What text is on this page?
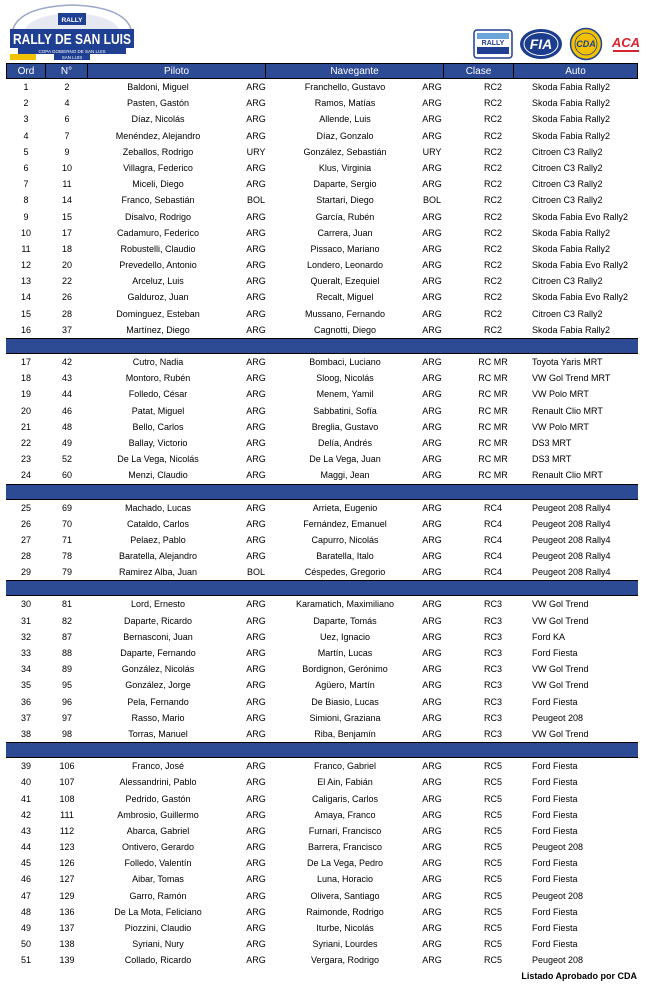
RALLY
RALLY DE SAN LUIS
COPA GOBIERNO DE SAN LUIS
SAN LUIS
RALLY FIA	CDA ACA
Ord	N°	Piloto	Navegante	Clase	Auto
1	2	Baldoni, Miguel	ARG	Franchello, Gustavo	ARG	RC2	Skoda Fabia Rally2
2	4	Pasten, Gastón	ARG	Ramos, Matías	ARG	RC2	Skoda Fabia Rally2
3	6	Díaz, Nicolás	ARG	Allende, Luis	ARG	RC2	Skoda Fabia Rally2
4	7	Menéndez, Alejandro	ARG	Díaz, Gonzalo	ARG	RC2	Skoda Fabia Rally2
5	9	Zeballos, Rodrigo	URY	González, Sebastián	URY	RC2	Citroen C3 Rally2
6	10	Villagra, Federico	ARG	Klus, Virginia	ARG	RC2	Citroen C3 Rally2
7	11	Miceli, Diego	ARG	Daparte, Sergio	ARG	RC2	Citroen C3 Rally2
8	14	Franco, Sebastián	BOL	Startari, Diego	BOL	RC2	Citroen C3 Rally2
9	15	Disalvo, Rodrigo	ARG	García, Rubén	ARG	RC2	Skoda Fabia Evo Rally2
10	17	Cadamuro, Federico	ARG	Carrera, Juan	ARG	RC2	Skoda Fabia Rally2
11	18	Robustelli, Claudio	ARG	Pissaco, Mariano	ARG	RC2	Skoda Fabia Rally2
12	20	Prevedello, Antonio	ARG	Londero, Leonardo	ARG	RC2	Skoda Fabia Evo Rally2
13	22	Arceluz, Luis	ARG	Queralt, Ezequiel	ARG	RC2	Citroen C3 Rally2
14	26	Galduroz, Juan	ARG	Recalt, Miguel	ARG	RC2	Skoda Fabia Evo Rally2
15	28	Dominguez, Esteban	ARG	Mussano, Fernando	ARG	RC2	Citroen C3 Rally2
16	37	Martínez, Diego	ARG	Cagnotti, Diego	ARG	RC2	Skoda Fabia Rally2
17	42	Cutro, Nadia	ARG	Bombaci, Luciano	ARG	RC MR	Toyota Yaris MRT
18	43	Montoro, Rubén	ARG	Sloog, Nicolás	ARG	RC MR	VW Gol Trend MRT
19	44	Folledo, César	ARG	Menem, Yamil	ARG	RC MR	VW Polo MRT
20	46	Patat, Miguel	ARG	Sabbatini, Sofía	ARG	RC MR	Renault Clio MRT
21	48	Bello, Carlos	ARG	Breglia, Gustavo	ARG	RC MR	VW Polo MRT
22	49	Ballay, Victorio	ARG	Delía, Andrés	ARG	RC MR	DS3 MRT
23	52	De La Vega, Nicolás	ARG	De La Vega, Juan	ARG	RC MR	DS3 MRT
24	60	Menzi, Claudio	ARG	Maggi, Jean	ARG	RC MR	Renault Clio MRT
25	69	Machado, Lucas	ARG	Arrieta, Eugenio	ARG	RC4	Peugeot 208 Rally4
26	70	Cataldo, Carlos	ARG	Fernández, Emanuel	ARG	RC4	Peugeot 208 Rally4
27	71	Pelaez, Pablo	ARG	Capurro, Nicolás	ARG	RC4	Peugeot 208 Rally4
28	78	Baratella, Alejandro	ARG	Baratella, Italo	ARG	RC4	Peugeot 208 Rally4
29	79	Ramirez Alba, Juan	BOL	Céspedes, Gregorio	ARG	RC4	Peugeot 208 Rally4
30	81	Lord, Ernesto	ARG	Karamatich, Maximiliano	ARG	RC3	VW Gol Trend
31	82	Daparte, Ricardo	ARG	Daparte, Tomás	ARG	RC3	VW Gol Trend
32	87	Bernasconi, Juan	ARG	Uez, Ignacio	ARG	RC3	Ford KA
33	88	Daparte, Fernando	ARG	Martín, Lucas	ARG	RC3	Ford Fiesta
34	89	González, Nicolás	ARG	Bordignon, Gerónimo	ARG	RC3	VW Gol Trend
35	95	González, Jorge	ARG	Agüero, Martín	ARG	RC3	VW Gol Trend
36	96	Pela, Fernando	ARG	De Biasio, Lucas	ARG	RC3	Ford Fiesta
37	97	Rasso, Mario	ARG	Simioni, Graziana	ARG	RC3	Peugeot 208
38	98	Torras, Manuel	ARG	Riba, Benjamín	ARG	RC3	VW Gol Trend
39	106	Franco, José	ARG	Franco, Gabriel	ARG	RC5	Ford Fiesta
40	107	Alessandrini, Pablo	ARG	El Ain, Fabián	ARG	RC5	Ford Fiesta
41	108	Pedrido, Gastón	ARG	Caligaris, Carlos	ARG	RC5	Ford Fiesta
42	111	Ambrosio, Guillermo	ARG	Amaya, Franco	ARG	RC5	Ford Fiesta
43	112	Abarca, Gabriel	ARG	Furnari, Francisco	ARG	RC5	Ford Fiesta
44	123	Ontivero, Gerardo	ARG	Barrera, Francisco	ARG	RC5	Peugeot 208
45	126	Folledo, Valentín	ARG	De La Vega, Pedro	ARG	RC5	Ford Fiesta
46	127	Aibar, Tomas	ARG	Luna, Horacio	ARG	RC5	Ford Fiesta
47	129	Garro, Ramón	ARG	Olivera, Santiago	ARG	RC5	Peugeot 208
48	136	De La Mota, Feliciano	ARG	Raimonde, Rodrigo	ARG	RC5	Ford Fiesta
49	137	Piozzini, Claudio	ARG	Iturbe, Nicolás	ARG	RC5	Ford Fiesta
50	138	Syriani, Nury	ARG	Syriani, Lourdes	ARG	RC5	Ford Fiesta
51	139	Collado, Ricardo	ARG	Vergara, Rodrigo	ARG	RC5	Peugeot 208
Listado Aprobado por CDA
